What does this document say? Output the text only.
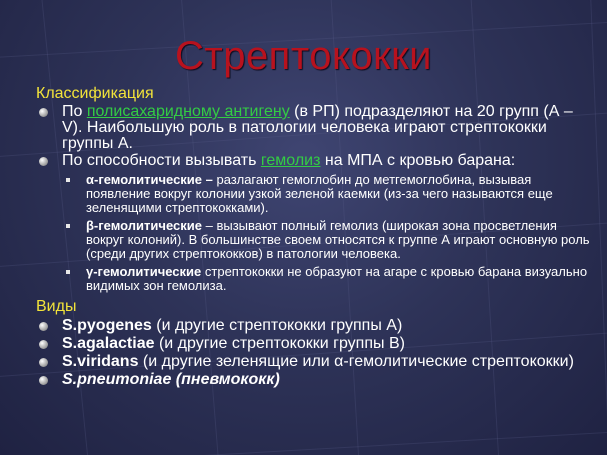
Стрептококки
Классификация
По полисахаридному антигену (в РП) подразделяют на 20 групп (А – V). Наибольшую роль в патологии человека играют стрептококки группы А.
По способности вызывать гемолиз на МПА с кровью барана:
α-гемолитические – разлагают гемоглобин до метгемоглобина, вызывая появление вокруг колонии узкой зеленой каемки (из-за чего называются еще зеленящими стрептококками).
β-гемолитические – вызывают полный гемолиз (широкая зона просветления вокруг колоний). В большинстве своем относятся к группе А играют основную роль (среди других стрептококков) в патологии человека.
γ-гемолитические стрептококки не образуют на агаре с кровью барана визуально видимых зон гемолиза.
Виды
S.pyogenes (и другие стрептококки группы А)
S.agalactiae (и другие стрептококки группы В)
S.viridans (и другие зеленящие или α-гемолитические стрептококки)
S.pneumoniae (пневмококк)
